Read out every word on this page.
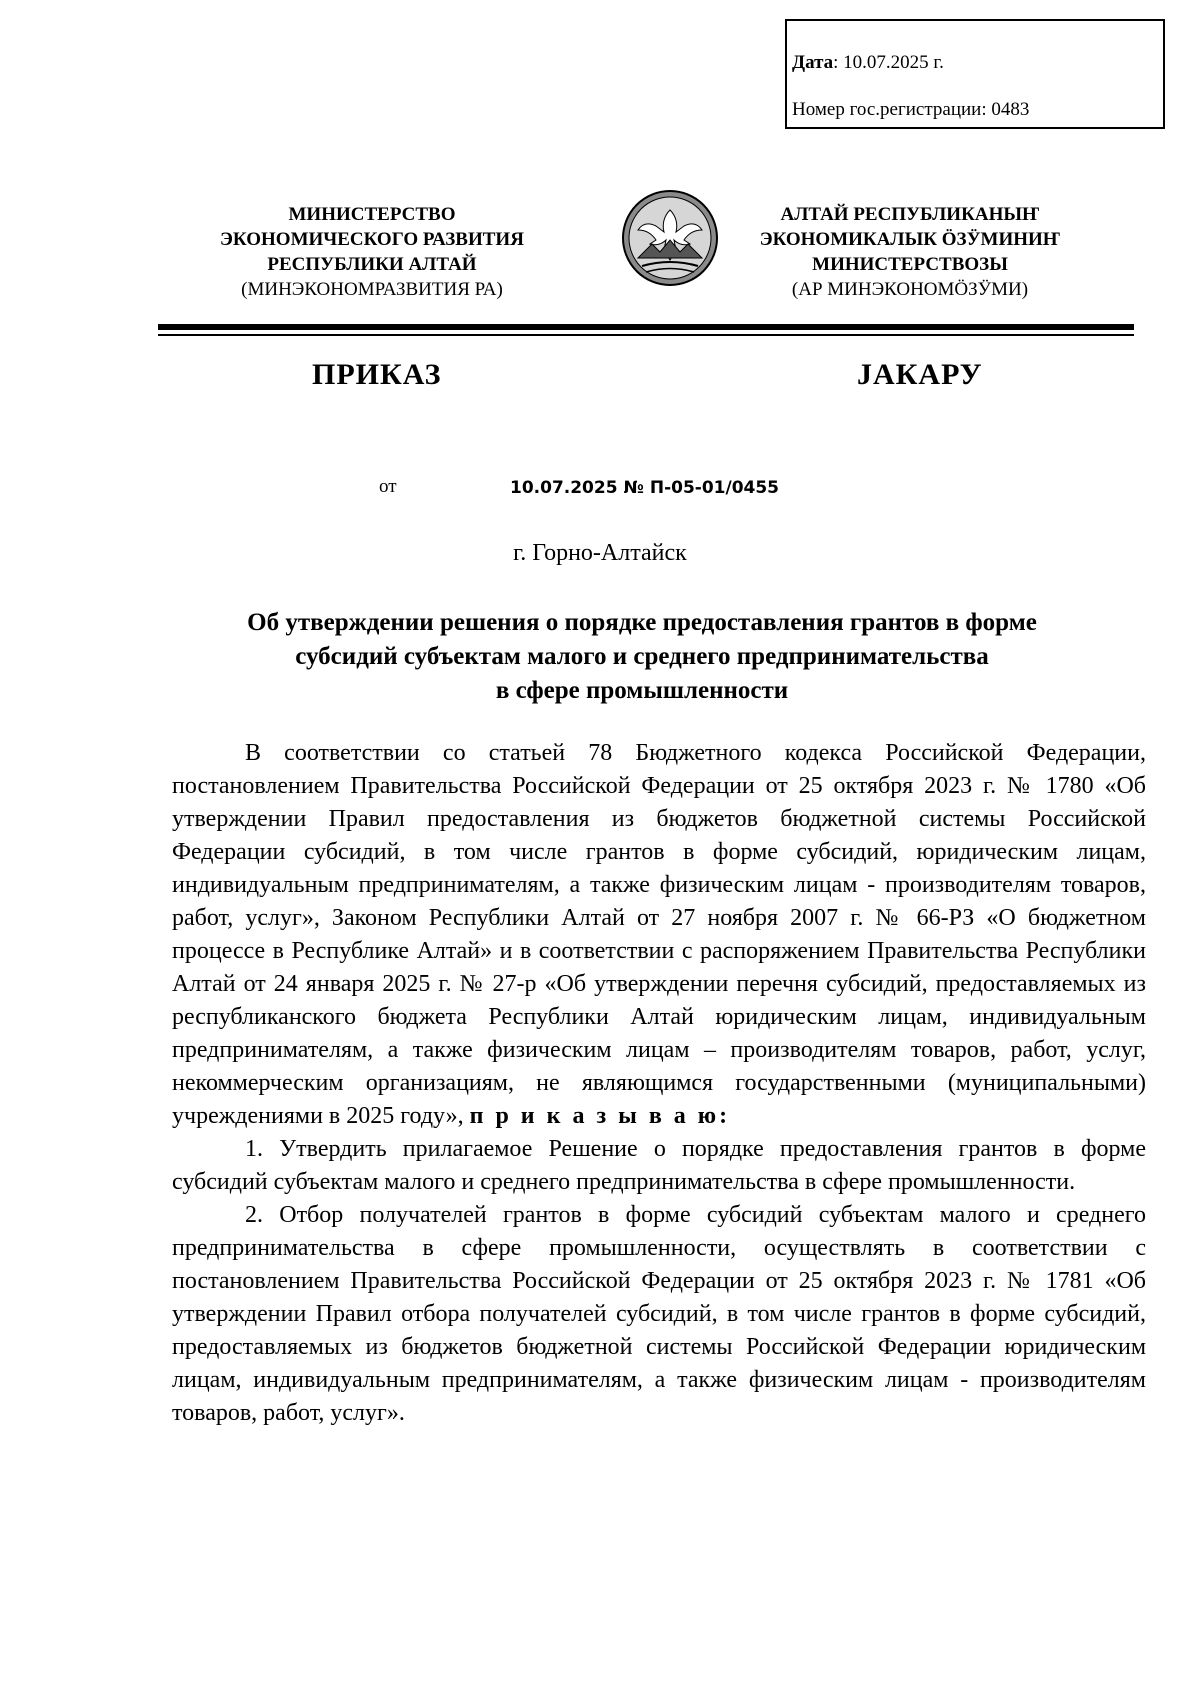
Дата: 10.07.2025 г.
Номер гос.регистрации: 0483
МИНИСТЕРСТВО
ЭКОНОМИЧЕСКОГО РАЗВИТИЯ
РЕСПУБЛИКИ АЛТАЙ
(МИНЭКОНОМРАЗВИТИЯ РА)
АЛТАЙ РЕСПУБЛИКАНЫҤ
ЭКОНОМИКАЛЫК ӦЗӰМИНИҤ
МИНИСТЕРСТВОЗЫ
(АР МИНЭКОНОМӦЗӰМИ)
ПРИКАЗ	ЈАКАРУ
от	10.07.2025 № П-05-01/0455
г. Горно-Алтайск
Об утверждении решения о порядке предоставления грантов в форме
субсидий субъектам малого и среднего предпринимательства
в сфере промышленности

В соответствии со статьей 78 Бюджетного кодекса Российской Федерации, постановлением Правительства Российской Федерации от 25 октября 2023 г. № 1780 «Об утверждении Правил предоставления из бюджетов бюджетной системы Российской Федерации субсидий, в том числе грантов в форме субсидий, юридическим лицам, индивидуальным предпринимателям, а также физическим лицам - производителям товаров, работ, услуг», Законом Республики Алтай от 27 ноября 2007 г. № 66-РЗ «О бюджетном процессе в Республике Алтай» и в соответствии с распоряжением Правительства Республики Алтай от 24 января 2025 г. № 27-р «Об утверждении перечня субсидий, предоставляемых из республиканского бюджета Республики Алтай юридическим лицам, индивидуальным предпринимателям, а также физическим лицам – производителям товаров, работ, услуг, некоммерческим организациям, не являющимся государственными (муниципальными) учреждениями в 2025 году», п р и к а з ы в а ю:

1. Утвердить прилагаемое Решение о порядке предоставления грантов в форме субсидий субъектам малого и среднего предпринимательства в сфере промышленности.

2. Отбор получателей грантов в форме субсидий субъектам малого и среднего предпринимательства в сфере промышленности, осуществлять в соответствии с постановлением Правительства Российской Федерации от 25 октября 2023 г. № 1781 «Об утверждении Правил отбора получателей субсидий, в том числе грантов в форме субсидий, предоставляемых из бюджетов бюджетной системы Российской Федерации юридическим лицам, индивидуальным предпринимателям, а также физическим лицам - производителям товаров, работ, услуг».
